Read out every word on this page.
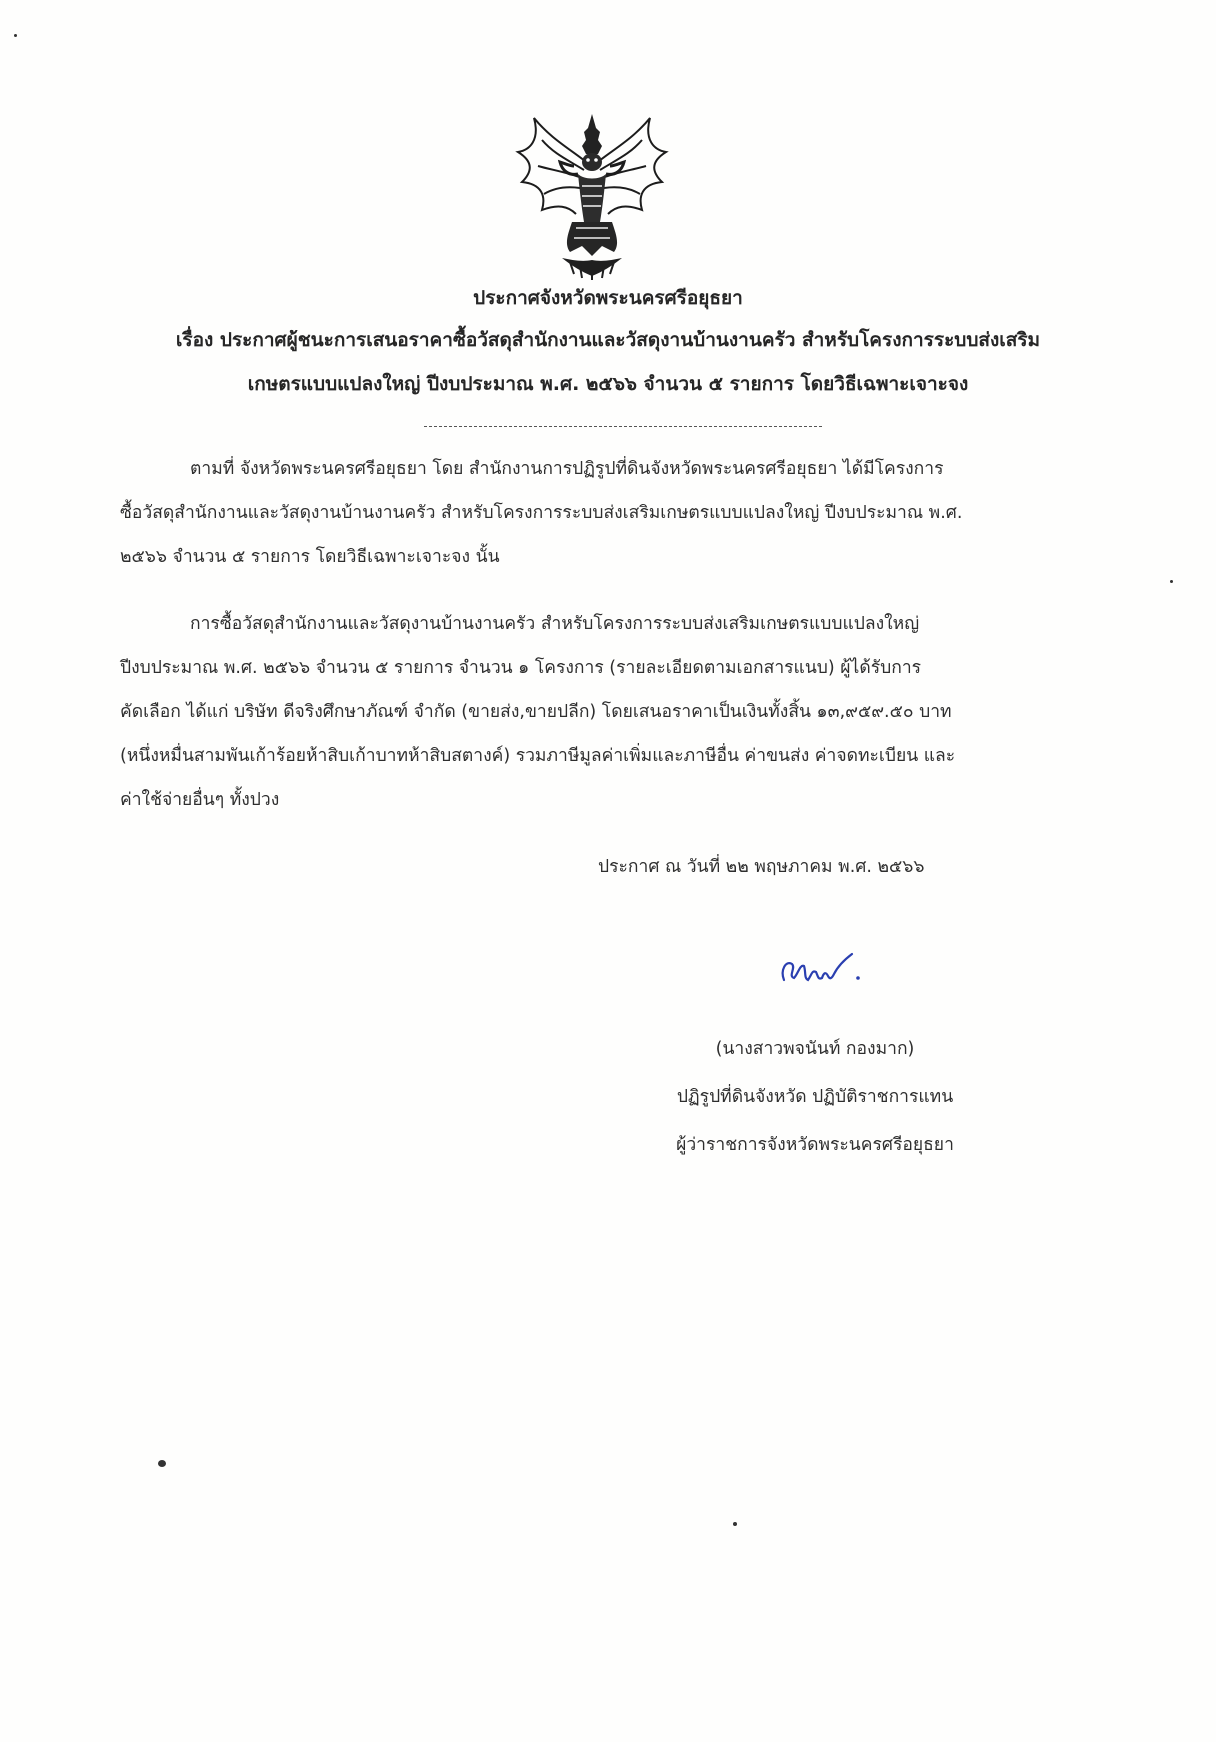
ประกาศจังหวัดพระนครศรีอยุธยา
เรื่อง ประกาศผู้ชนะการเสนอราคาซื้อวัสดุสำนักงานและวัสดุงานบ้านงานครัว สำหรับโครงการระบบส่งเสริม
เกษตรแบบแปลงใหญ่ ปีงบประมาณ พ.ศ. ๒๕๖๖ จำนวน ๕ รายการ โดยวิธีเฉพาะเจาะจง
ตามที่ จังหวัดพระนครศรีอยุธยา โดย สำนักงานการปฏิรูปที่ดินจังหวัดพระนครศรีอยุธยา ได้มีโครงการ
ซื้อวัสดุสำนักงานและวัสดุงานบ้านงานครัว สำหรับโครงการระบบส่งเสริมเกษตรแบบแปลงใหญ่ ปีงบประมาณ พ.ศ.
๒๕๖๖ จำนวน ๕ รายการ โดยวิธีเฉพาะเจาะจง นั้น
การซื้อวัสดุสำนักงานและวัสดุงานบ้านงานครัว สำหรับโครงการระบบส่งเสริมเกษตรแบบแปลงใหญ่
ปีงบประมาณ พ.ศ. ๒๕๖๖ จำนวน ๕ รายการ จำนวน ๑ โครงการ (รายละเอียดตามเอกสารแนบ) ผู้ได้รับการ
คัดเลือก ได้แก่ บริษัท ดีจริงศึกษาภัณฑ์ จำกัด (ขายส่ง,ขายปลีก) โดยเสนอราคาเป็นเงินทั้งสิ้น ๑๓,๙๕๙.๕๐ บาท
(หนึ่งหมื่นสามพันเก้าร้อยห้าสิบเก้าบาทห้าสิบสตางค์) รวมภาษีมูลค่าเพิ่มและภาษีอื่น ค่าขนส่ง ค่าจดทะเบียน และ
ค่าใช้จ่ายอื่นๆ ทั้งปวง
ประกาศ ณ วันที่ ๒๒ พฤษภาคม พ.ศ. ๒๕๖๖
(นางสาวพจนันท์ กองมาก)
ปฏิรูปที่ดินจังหวัด ปฏิบัติราชการแทน
ผู้ว่าราชการจังหวัดพระนครศรีอยุธยา
